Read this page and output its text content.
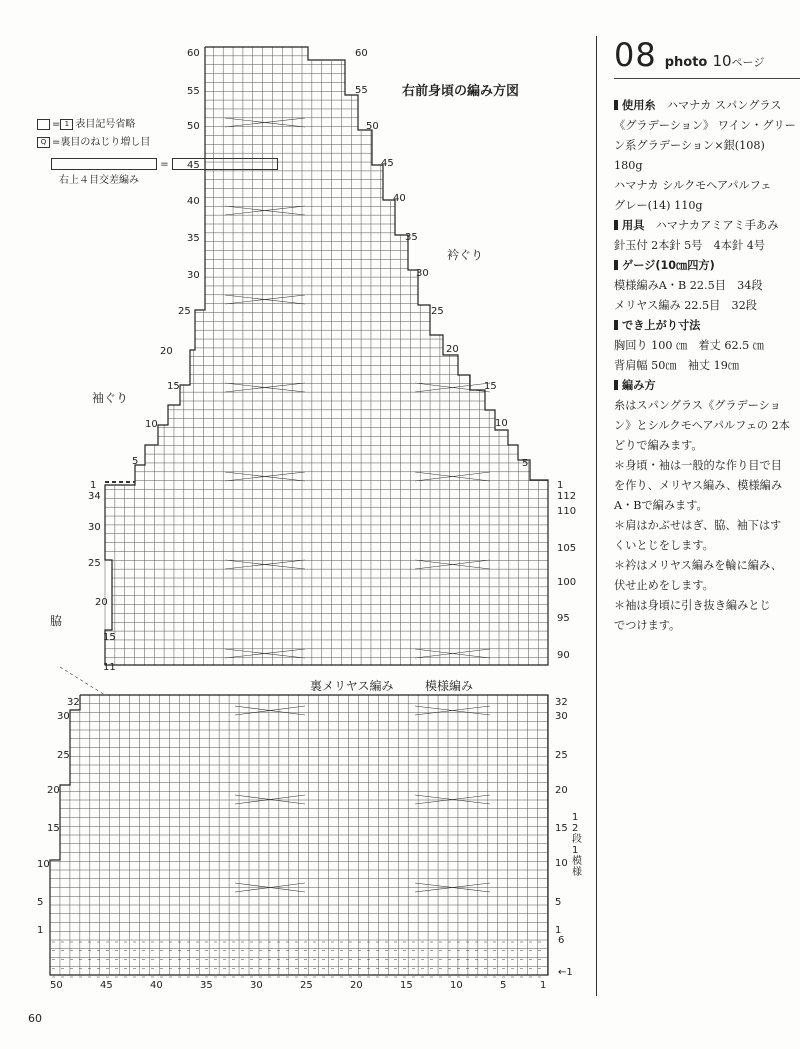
右前身頃の編み方図
= 1 表目記号省略
Q =裏目のねじり増し目
=
右上４目交差編み
衿ぐり
袖ぐり
脇
裏メリヤス編み	模様編み
12段1模様
60
55
50
45
40
35
30
25
20
15
10
5
1
34
30
25
20
15
11
60
55
50
45
40
35
30
25
20
15
10
5
1
112
110
105
100
95
90
32
30
25
20
15
10
5
1
32
30
25
20
15
10
5
1
6
←1
50	45	40	35	30	25	20	15	10	5	1
60
08 photo 10ページ

使用糸　 ハマナカ スパングラス

《グラデーション》 ワイン・グリー

ン系グラデーション×銀(108)

180g

ハマナカ シルクモヘアパルフェ

グレー(14) 110g

用具　 ハマナカアミアミ手あみ

針玉付 2本針 5号　4本針 4号

ゲージ(10㎝四方)

模様編みA・B 22.5目　34段

メリヤス編み 22.5目　32段

でき上がり寸法

胸回り 100 ㎝　着丈 62.5 ㎝

背肩幅 50㎝　袖丈 19㎝

編み方

糸はスパングラス《グラデーショ

ン》とシルクモヘアパルフェの 2本

どりで編みます。

＊身頃・袖は一般的な作り目で目

を作り、メリヤス編み、模様編み

A・Bで編みます。

＊肩はかぶせはぎ、脇、袖下はす

くいとじをします。

＊衿はメリヤス編みを輪に編み、

伏せ止めをします。

＊袖は身頃に引き抜き編みとじ

でつけます。
